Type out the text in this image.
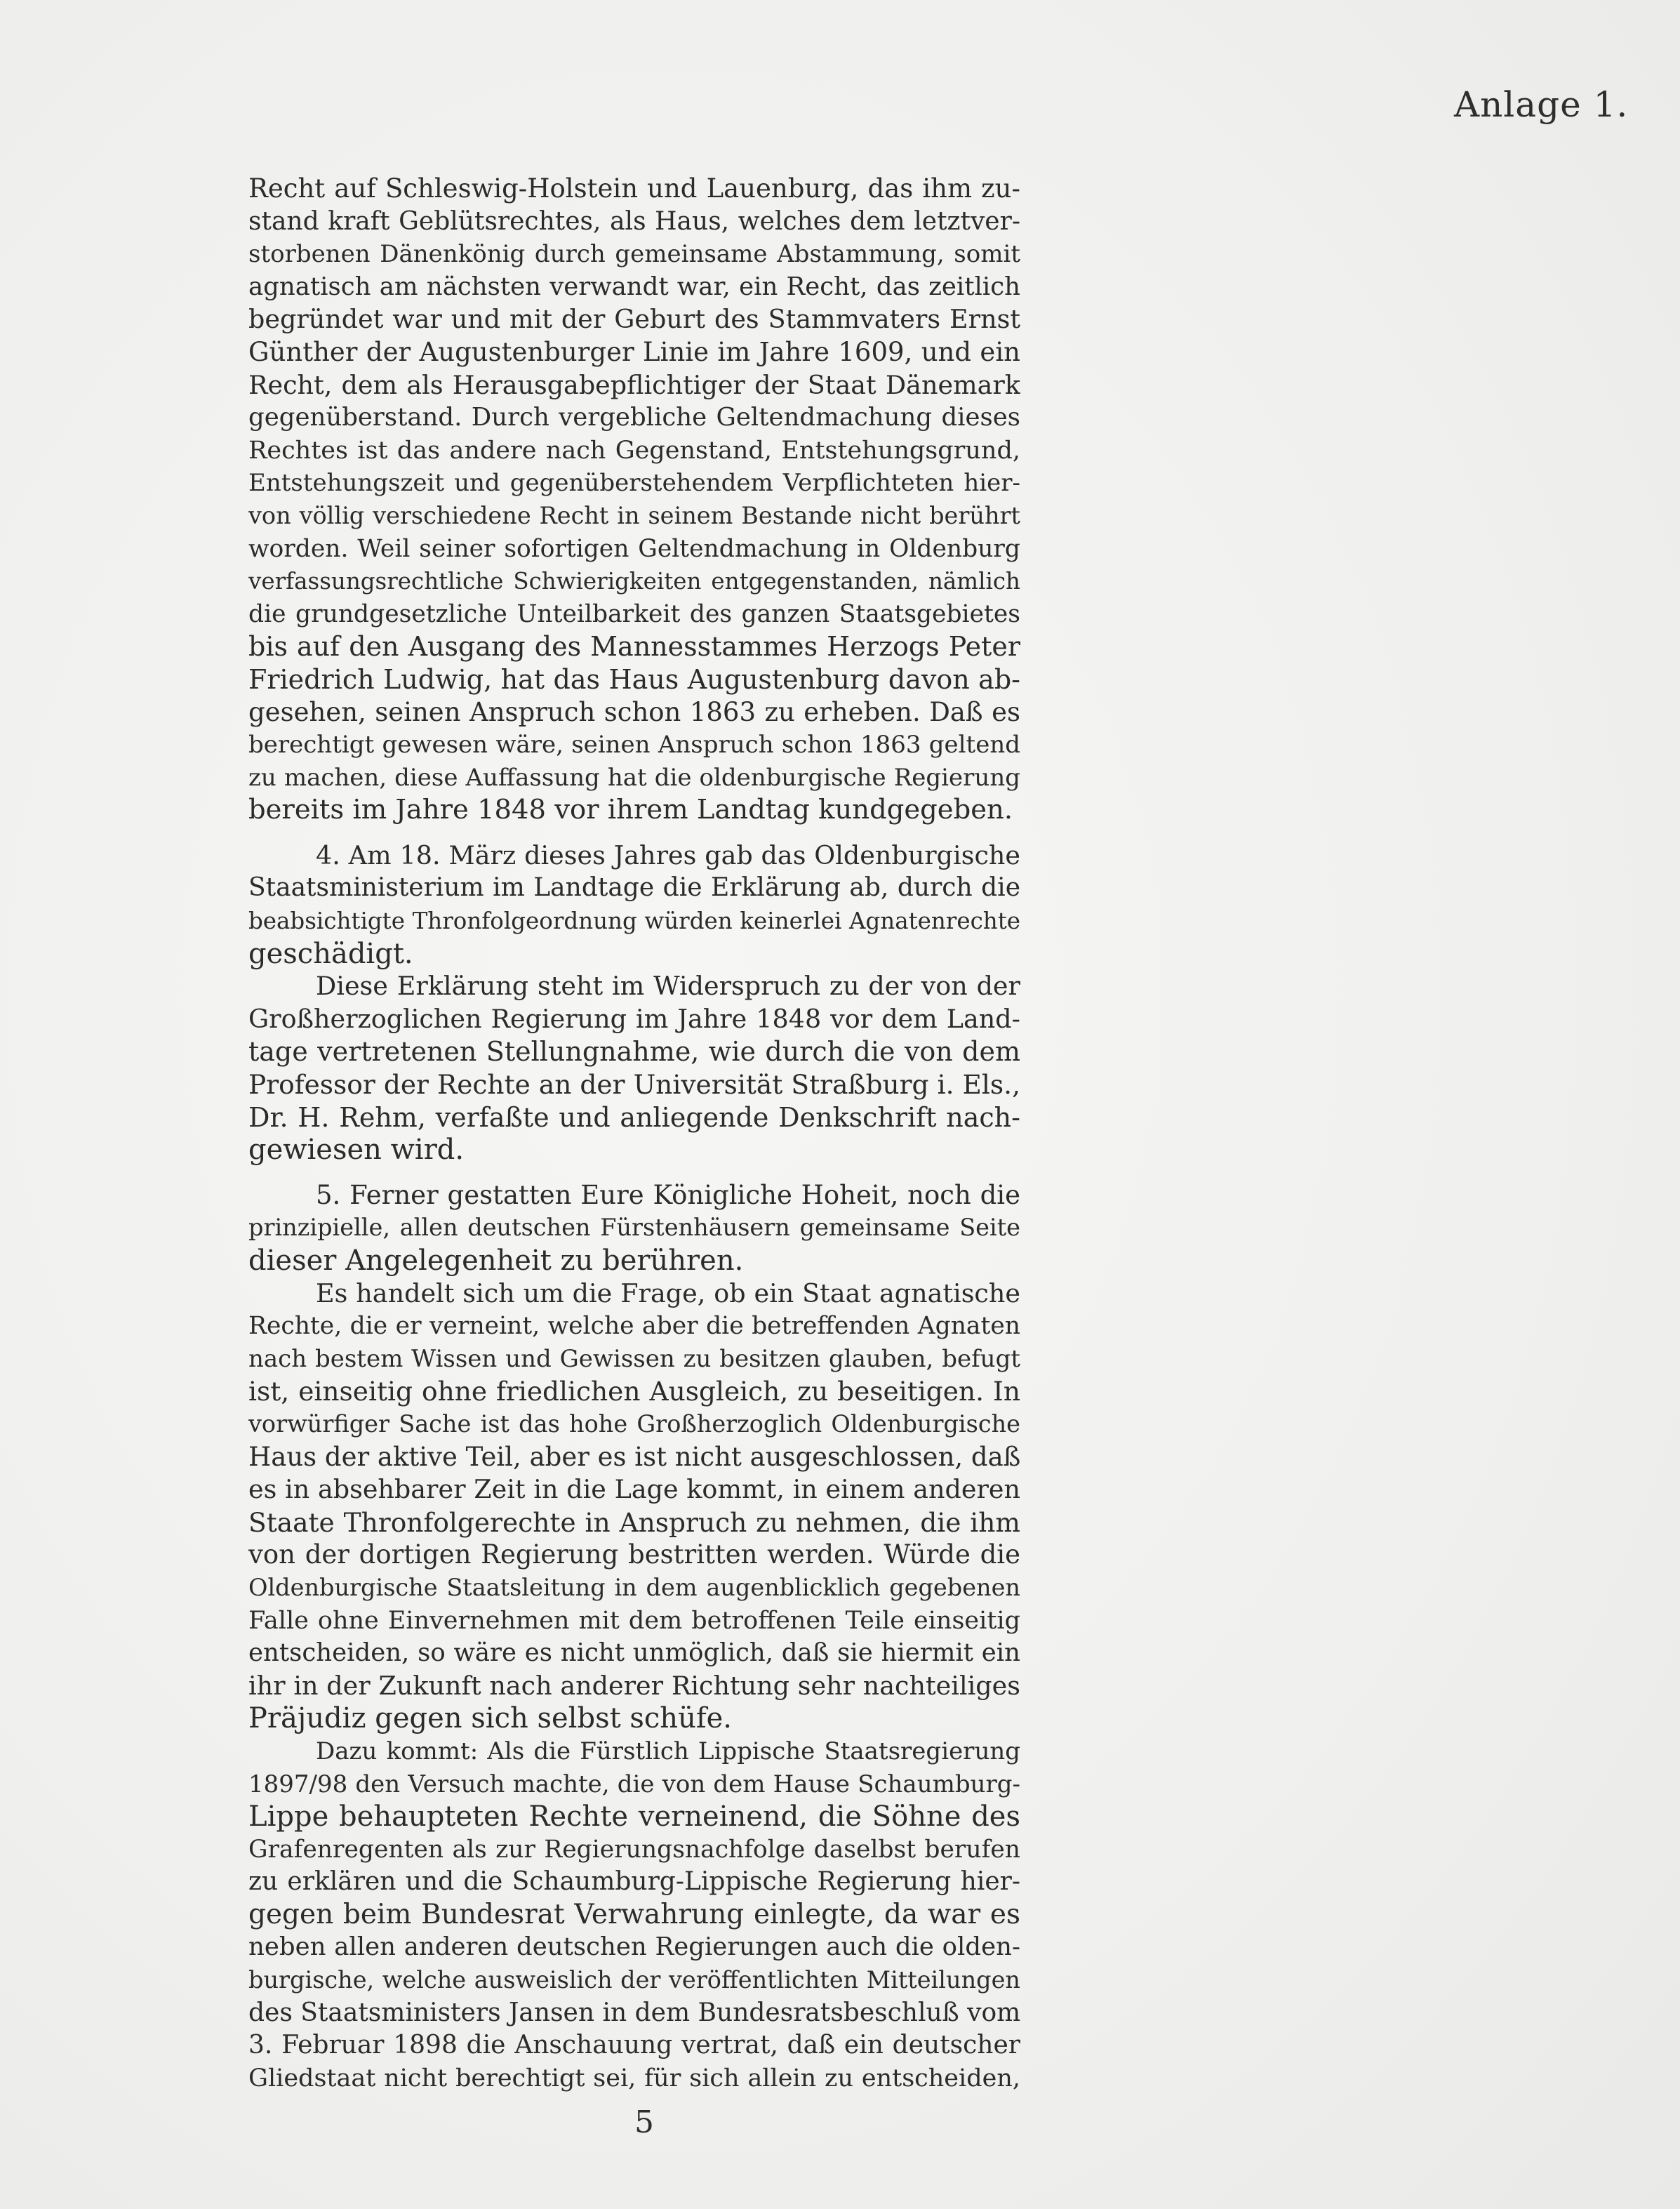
Anlage 1.
Recht auf Schleswig-Holstein und Lauenburg, das ihm zu-
stand kraft Geblütsrechtes, als Haus, welches dem letztver-
storbenen Dänenkönig durch gemeinsame Abstammung, somit
agnatisch am nächsten verwandt war, ein Recht, das zeitlich
begründet war und mit der Geburt des Stammvaters Ernst
Günther der Augustenburger Linie im Jahre 1609, und ein
Recht, dem als Herausgabepflichtiger der Staat Dänemark
gegenüberstand. Durch vergebliche Geltendmachung dieses
Rechtes ist das andere nach Gegenstand, Entstehungsgrund,
Entstehungszeit und gegenüberstehendem Verpflichteten hier-
von völlig verschiedene Recht in seinem Bestande nicht berührt
worden. Weil seiner sofortigen Geltendmachung in Oldenburg
verfassungsrechtliche Schwierigkeiten entgegenstanden, nämlich
die grundgesetzliche Unteilbarkeit des ganzen Staatsgebietes
bis auf den Ausgang des Mannesstammes Herzogs Peter
Friedrich Ludwig, hat das Haus Augustenburg davon ab-
gesehen, seinen Anspruch schon 1863 zu erheben. Daß es
berechtigt gewesen wäre, seinen Anspruch schon 1863 geltend
zu machen, diese Auffassung hat die oldenburgische Regierung
bereits im Jahre 1848 vor ihrem Landtag kundgegeben.
4. Am 18. März dieses Jahres gab das Oldenburgische
Staatsministerium im Landtage die Erklärung ab, durch die
beabsichtigte Thronfolgeordnung würden keinerlei Agnatenrechte
geschädigt.
Diese Erklärung steht im Widerspruch zu der von der
Großherzoglichen Regierung im Jahre 1848 vor dem Land-
tage vertretenen Stellungnahme, wie durch die von dem
Professor der Rechte an der Universität Straßburg i. Els.,
Dr. H. Rehm, verfaßte und anliegende Denkschrift nach-
gewiesen wird.
5. Ferner gestatten Eure Königliche Hoheit, noch die
prinzipielle, allen deutschen Fürstenhäusern gemeinsame Seite
dieser Angelegenheit zu berühren.
Es handelt sich um die Frage, ob ein Staat agnatische
Rechte, die er verneint, welche aber die betreffenden Agnaten
nach bestem Wissen und Gewissen zu besitzen glauben, befugt
ist, einseitig ohne friedlichen Ausgleich, zu beseitigen. In
vorwürfiger Sache ist das hohe Großherzoglich Oldenburgische
Haus der aktive Teil, aber es ist nicht ausgeschlossen, daß
es in absehbarer Zeit in die Lage kommt, in einem anderen
Staate Thronfolgerechte in Anspruch zu nehmen, die ihm
von der dortigen Regierung bestritten werden. Würde die
Oldenburgische Staatsleitung in dem augenblicklich gegebenen
Falle ohne Einvernehmen mit dem betroffenen Teile einseitig
entscheiden, so wäre es nicht unmöglich, daß sie hiermit ein
ihr in der Zukunft nach anderer Richtung sehr nachteiliges
Präjudiz gegen sich selbst schüfe.
Dazu kommt: Als die Fürstlich Lippische Staatsregierung
1897/98 den Versuch machte, die von dem Hause Schaumburg-
Lippe behaupteten Rechte verneinend, die Söhne des
Grafenregenten als zur Regierungsnachfolge daselbst berufen
zu erklären und die Schaumburg-Lippische Regierung hier-
gegen beim Bundesrat Verwahrung einlegte, da war es
neben allen anderen deutschen Regierungen auch die olden-
burgische, welche ausweislich der veröffentlichten Mitteilungen
des Staatsministers Jansen in dem Bundesratsbeschluß vom
3. Februar 1898 die Anschauung vertrat, daß ein deutscher
Gliedstaat nicht berechtigt sei, für sich allein zu entscheiden,
5
